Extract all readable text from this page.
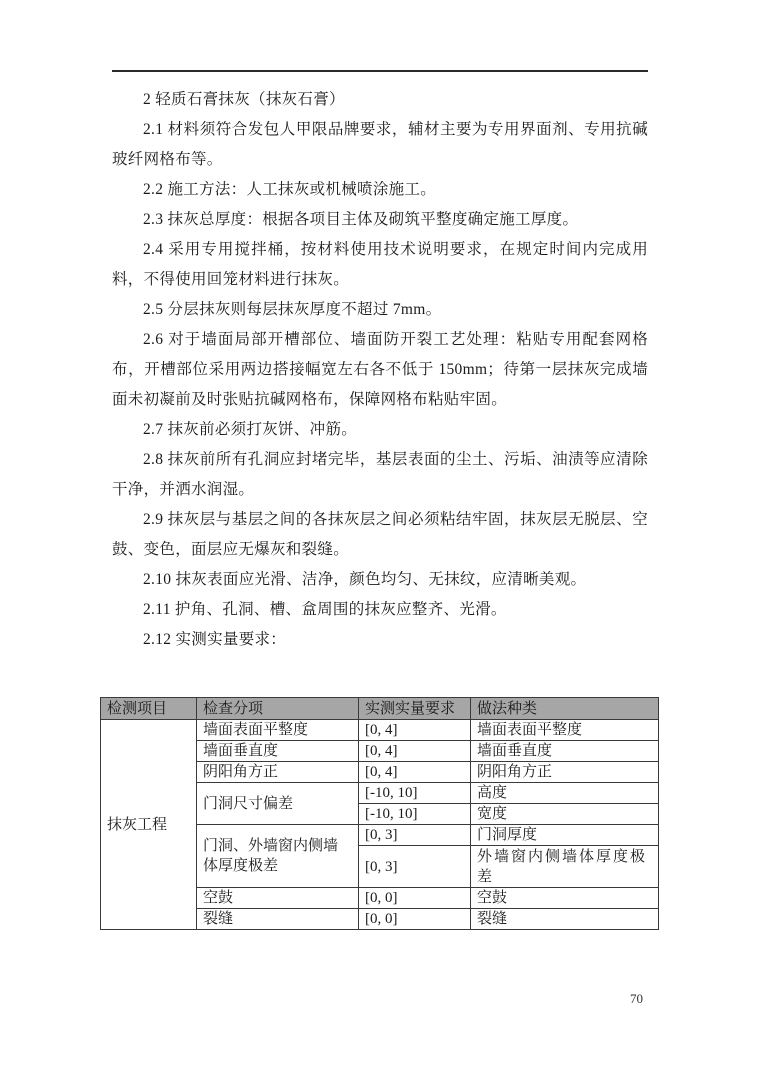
2 轻质石膏抹灰（抹灰石膏）

2.1 材料须符合发包人甲限品牌要求，辅材主要为专用界面剂、专用抗碱玻纤网格布等。

2.2 施工方法：人工抹灰或机械喷涂施工。

2.3 抹灰总厚度：根据各项目主体及砌筑平整度确定施工厚度。

2.4 采用专用搅拌桶，按材料使用技术说明要求，在规定时间内完成用料，不得使用回笼材料进行抹灰。

2.5 分层抹灰则每层抹灰厚度不超过 7mm。

2.6 对于墙面局部开槽部位、墙面防开裂工艺处理：粘贴专用配套网格布，开槽部位采用两边搭接幅宽左右各不低于 150mm；待第一层抹灰完成墙面未初凝前及时张贴抗碱网格布，保障网格布粘贴牢固。

2.7 抹灰前必须打灰饼、冲筋。

2.8 抹灰前所有孔洞应封堵完毕，基层表面的尘土、污垢、油渍等应清除干净，并洒水润湿。

2.9 抹灰层与基层之间的各抹灰层之间必须粘结牢固，抹灰层无脱层、空鼓、变色，面层应无爆灰和裂缝。

2.10 抹灰表面应光滑、洁净，颜色均匀、无抹纹，应清晰美观。

2.11 护角、孔洞、槽、盒周围的抹灰应整齐、光滑。

2.12 实测实量要求：

检测项目	检查分项	实测实量要求	做法种类
抹灰工程	墙面表面平整度	[0, 4]	墙面表面平整度
	墙面垂直度	[0, 4]	墙面垂直度
	阴阳角方正	[0, 4]	阴阳角方正
	门洞尺寸偏差	[-10, 10]	高度
		[-10, 10]	宽度
	门洞、外墙窗内侧墙体厚度极差	[0, 3]	门洞厚度
		[0, 3]	外墙窗内侧墙体厚度极差
	空鼓	[0, 0]	空鼓
	裂缝	[0, 0]	裂缝
70
